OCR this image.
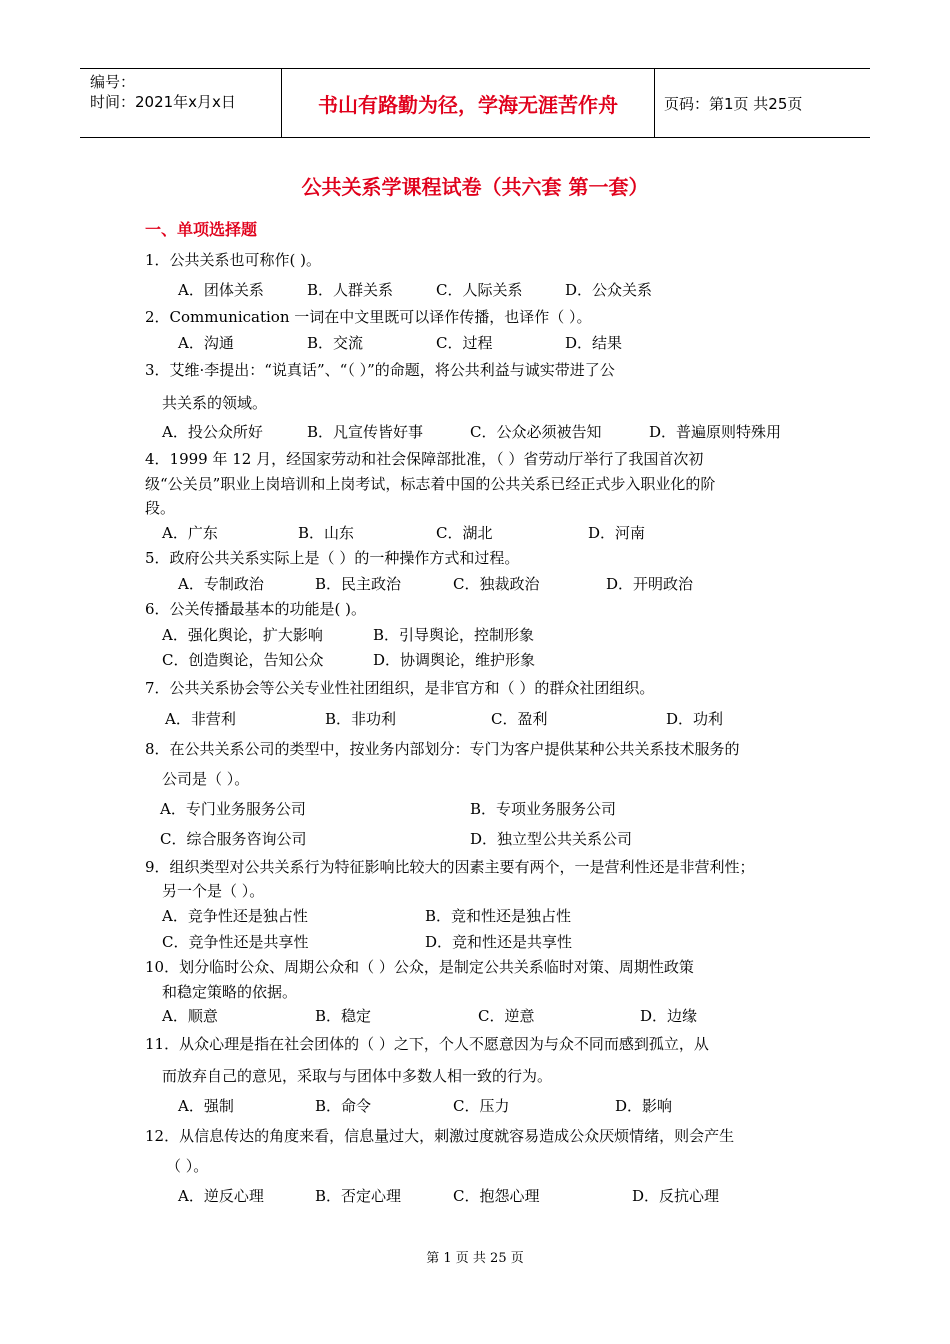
编号：
时间：2021年x月x日	书山有路勤为径，学海无涯苦作舟	页码：第1页 共25页
公共关系学课程试卷（共六套 第一套）
一、单项选择题
1．公共关系也可称作( )。
A．团体关系	B．人群关系	C．人际关系	D．公众关系
2．Communication 一词在中文里既可以译作传播，也译作（ ）。
A．沟通	B．交流	C．过程	D．结果
3．艾维·李提出：“说真话”、“（ ）”的命题，将公共利益与诚实带进了公
共关系的领域。
A．投公众所好	B．凡宣传皆好事	C．公众必须被告知	D．普遍原则特殊用
4．1999 年 12 月，经国家劳动和社会保障部批准，（ ）省劳动厅举行了我国首次初
级“公关员”职业上岗培训和上岗考试，标志着中国的公共关系已经正式步入职业化的阶
段。
A．广东	B．山东	C．湖北	D．河南
5．政府公共关系实际上是（ ）的一种操作方式和过程。
A．专制政治	B．民主政治	C．独裁政治	D．开明政治
6．公关传播最基本的功能是( )。
A．强化舆论，扩大影响	B．引导舆论，控制形象
C．创造舆论，告知公众	D．协调舆论，维护形象
7．公共关系协会等公关专业性社团组织，是非官方和（ ）的群众社团组织。
A．非营利	B．非功利	C．盈利	D．功利
8．在公共关系公司的类型中，按业务内部划分：专门为客户提供某种公共关系技术服务的
公司是（ ）。
A．专门业务服务公司	B．专项业务服务公司
C．综合服务咨询公司	D．独立型公共关系公司
9．组织类型对公共关系行为特征影响比较大的因素主要有两个，一是营利性还是非营利性；
另一个是（ ）。
A．竞争性还是独占性	B．竞和性还是独占性
C．竞争性还是共享性	D．竞和性还是共享性
10．划分临时公众、周期公众和（ ）公众，是制定公共关系临时对策、周期性政策
和稳定策略的依据。
A．顺意	B．稳定	C．逆意	D．边缘
11．从众心理是指在社会团体的（ ）之下，个人不愿意因为与众不同而感到孤立，从
而放弃自己的意见，采取与与团体中多数人相一致的行为。
A．强制	B．命令	C．压力	D．影响
12．从信息传达的角度来看，信息量过大，刺激过度就容易造成公众厌烦情绪，则会产生
（ ）。
A．逆反心理	B．否定心理	C．抱怨心理	D．反抗心理
第 1 页 共 25 页
